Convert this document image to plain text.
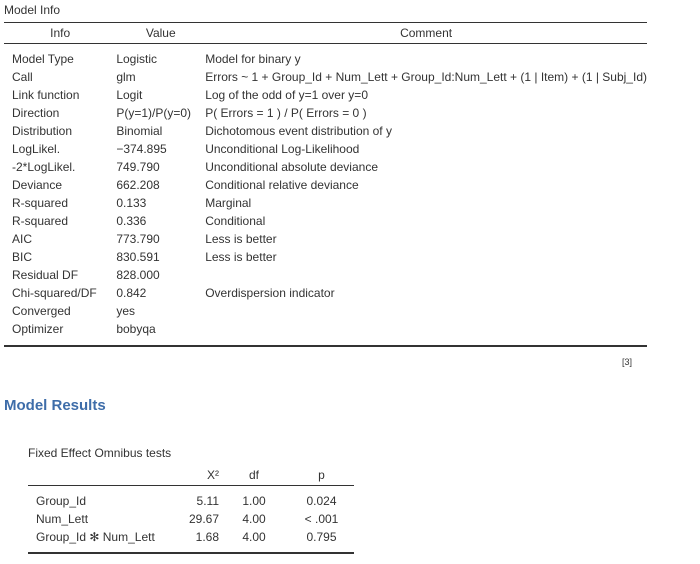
Model Info
Info	Value	Comment
Model Type	Logistic	Model for binary y
Call	glm	Errors ~ 1 + Group_Id + Num_Lett + Group_Id:Num_Lett + (1 | Item) + (1 | Subj_Id)
Link function	Logit	Log of the odd of y=1 over y=0
Direction	P(y=1)/P(y=0)	P( Errors = 1 ) / P( Errors = 0 )
Distribution	Binomial	Dichotomous event distribution of y
LogLikel.	−374.895	Unconditional Log-Likelihood
-2*LogLikel.	749.790	Unconditional absolute deviance
Deviance	662.208	Conditional relative deviance
R-squared	0.133	Marginal
R-squared	0.336	Conditional
AIC	773.790	Less is better
BIC	830.591	Less is better
Residual DF	828.000	
Chi-squared/DF	0.842	Overdispersion indicator
Converged	yes	
Optimizer	bobyqa	
[3]
Model Results
Fixed Effect Omnibus tests
	X²	df	p
Group_Id	5.11	1.00	0.024
Num_Lett	29.67	4.00	< .001
Group_Id ✻ Num_Lett	1.68	4.00	0.795
